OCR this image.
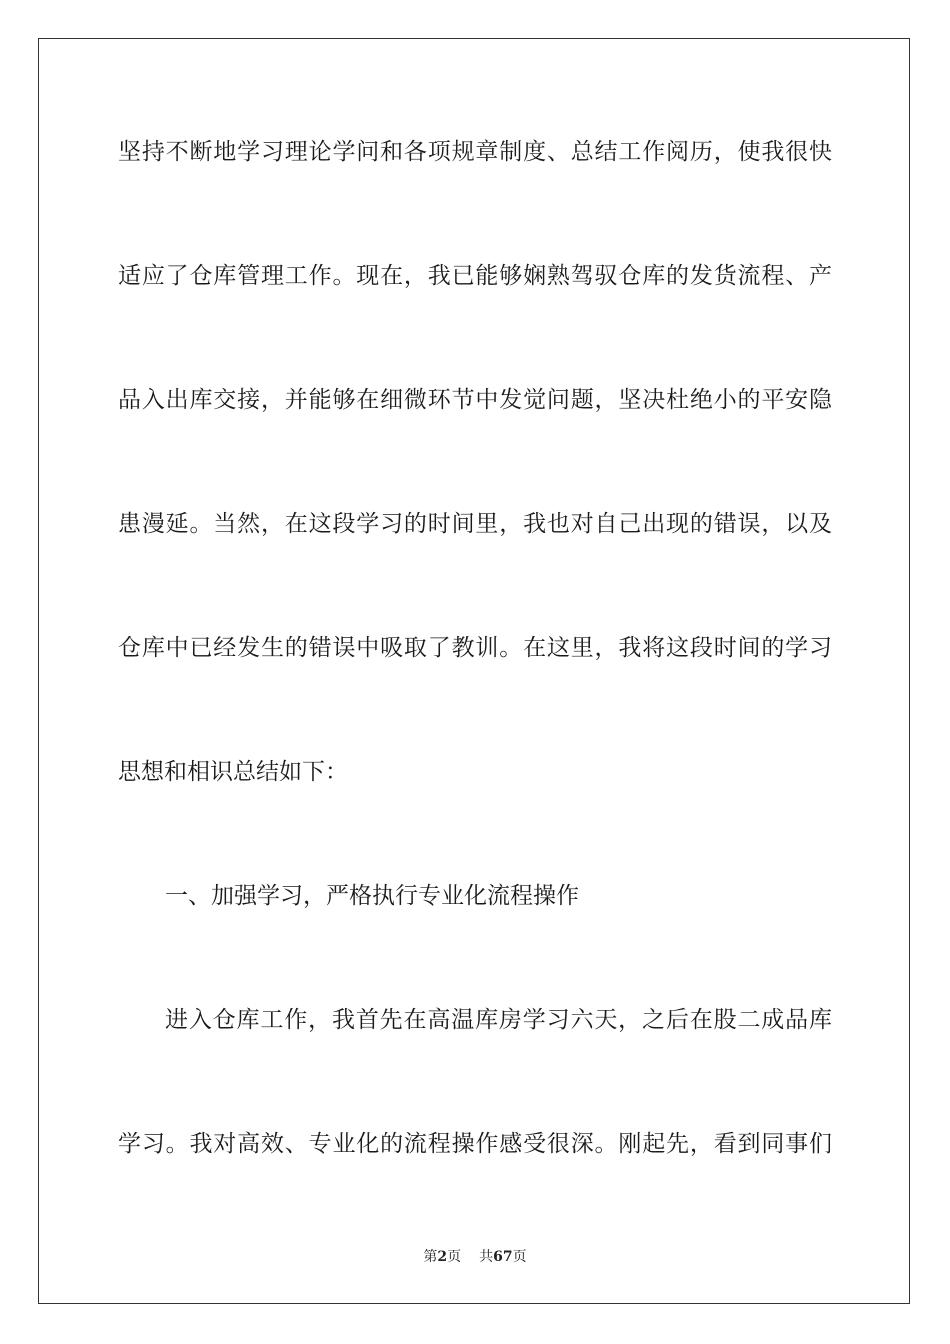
坚持不断地学习理论学问和各项规章制度、总结工作阅历，使我很快
适应了仓库管理工作。现在，我已能够娴熟驾驭仓库的发货流程、产
品入出库交接，并能够在细微环节中发觉问题，坚决杜绝小的平安隐
患漫延。当然，在这段学习的时间里，我也对自己出现的错误，以及
仓库中已经发生的错误中吸取了教训。在这里，我将这段时间的学习
思想和相识总结如下：
一、加强学习，严格执行专业化流程操作
进入仓库工作，我首先在高温库房学习六天，之后在股二成品库
学习。我对高效、专业化的流程操作感受很深。刚起先，看到同事们
第2页 共67页
